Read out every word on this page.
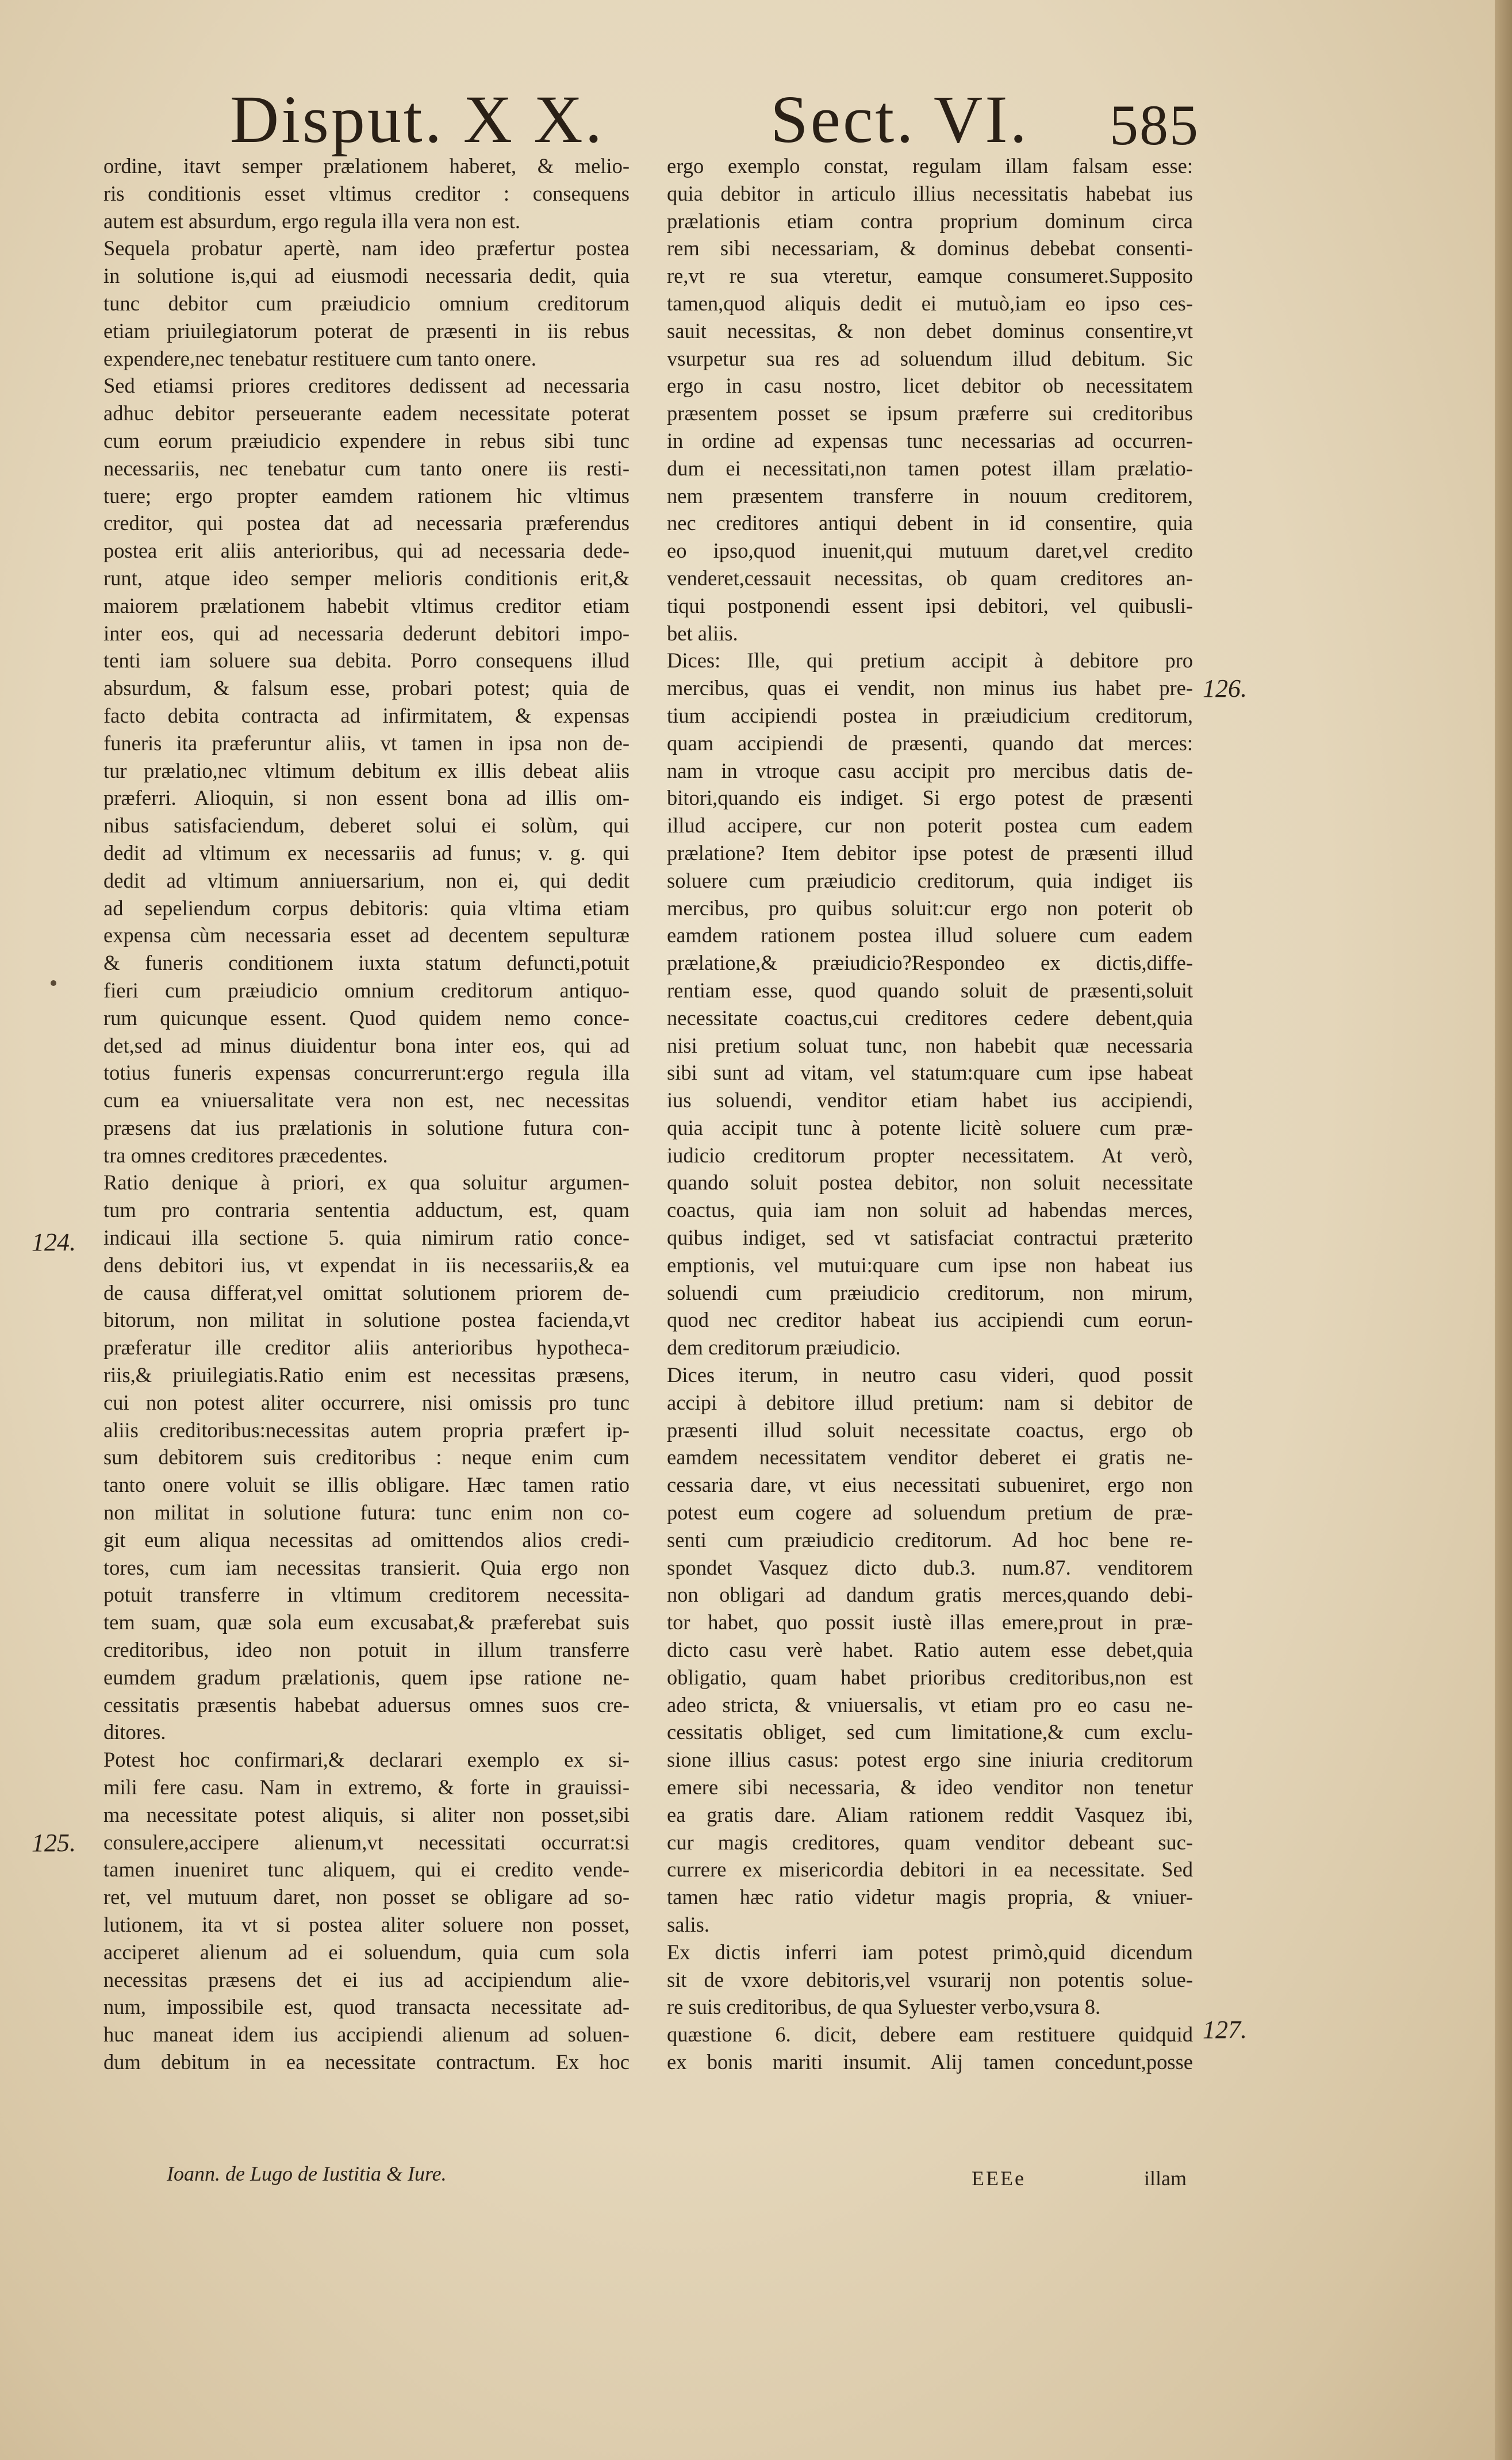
Disput. X X. Sect. VI. 585
ordine, itavt semper prælationem haberet, & melio-
ris conditionis esset vltimus creditor : consequens
autem est absurdum, ergo regula illa vera non est.
Sequela probatur apertè, nam ideo præfertur postea
in solutione is,qui ad eiusmodi necessaria dedit, quia
tunc debitor cum præiudicio omnium creditorum
etiam priuilegiatorum poterat de præsenti in iis rebus
expendere,nec tenebatur restituere cum tanto onere.
Sed etiamsi priores creditores dedissent ad necessaria
adhuc debitor perseuerante eadem necessitate poterat
cum eorum præiudicio expendere in rebus sibi tunc
necessariis, nec tenebatur cum tanto onere iis resti-
tuere; ergo propter eamdem rationem hic vltimus
creditor, qui postea dat ad necessaria præferendus
postea erit aliis anterioribus, qui ad necessaria dede-
runt, atque ideo semper melioris conditionis erit,&
maiorem prælationem habebit vltimus creditor etiam
inter eos, qui ad necessaria dederunt debitori impo-
tenti iam soluere sua debita. Porro consequens illud
absurdum, & falsum esse, probari potest; quia de
facto debita contracta ad infirmitatem, & expensas
funeris ita præferuntur aliis, vt tamen in ipsa non de-
tur prælatio,nec vltimum debitum ex illis debeat aliis
præferri. Alioquin, si non essent bona ad illis om-
nibus satisfaciendum, deberet solui ei solùm, qui
dedit ad vltimum ex necessariis ad funus; v. g. qui
dedit ad vltimum anniuersarium, non ei, qui dedit
ad sepeliendum corpus debitoris: quia vltima etiam
expensa cùm necessaria esset ad decentem sepulturæ
& funeris conditionem iuxta statum defuncti,potuit
fieri cum præiudicio omnium creditorum antiquo-
rum quicunque essent. Quod quidem nemo conce-
det,sed ad minus diuidentur bona inter eos, qui ad
totius funeris expensas concurrerunt:ergo regula illa
cum ea vniuersalitate vera non est, nec necessitas
præsens dat ius prælationis in solutione futura con-
tra omnes creditores præcedentes.
Ratio denique à priori, ex qua soluitur argumen-
tum pro contraria sententia adductum, est, quam
indicaui illa sectione 5. quia nimirum ratio conce-
dens debitori ius, vt expendat in iis necessariis,& ea
de causa differat,vel omittat solutionem priorem de-
bitorum, non militat in solutione postea facienda,vt
præferatur ille creditor aliis anterioribus hypotheca-
riis,& priuilegiatis.Ratio enim est necessitas præsens,
cui non potest aliter occurrere, nisi omissis pro tunc
aliis creditoribus:necessitas autem propria præfert ip-
sum debitorem suis creditoribus : neque enim cum
tanto onere voluit se illis obligare. Hæc tamen ratio
non militat in solutione futura: tunc enim non co-
git eum aliqua necessitas ad omittendos alios credi-
tores, cum iam necessitas transierit. Quia ergo non
potuit transferre in vltimum creditorem necessita-
tem suam, quæ sola eum excusabat,& præferebat suis
creditoribus, ideo non potuit in illum transferre
eumdem gradum prælationis, quem ipse ratione ne-
cessitatis præsentis habebat aduersus omnes suos cre-
ditores.
Potest hoc confirmari,& declarari exemplo ex si-
mili fere casu. Nam in extremo, & forte in grauissi-
ma necessitate potest aliquis, si aliter non posset,sibi
consulere,accipere alienum,vt necessitati occurrat:si
tamen inueniret tunc aliquem, qui ei credito vende-
ret, vel mutuum daret, non posset se obligare ad so-
lutionem, ita vt si postea aliter soluere non posset,
acciperet alienum ad ei soluendum, quia cum sola
necessitas præsens det ei ius ad accipiendum alie-
num, impossibile est, quod transacta necessitate ad-
huc maneat idem ius accipiendi alienum ad soluen-
dum debitum in ea necessitate contractum. Ex hoc
ergo exemplo constat, regulam illam falsam esse:
quia debitor in articulo illius necessitatis habebat ius
prælationis etiam contra proprium dominum circa
rem sibi necessariam, & dominus debebat consenti-
re,vt re sua vteretur, eamque consumeret.Supposito
tamen,quod aliquis dedit ei mutuò,iam eo ipso ces-
sauit necessitas, & non debet dominus consentire,vt
vsurpetur sua res ad soluendum illud debitum. Sic
ergo in casu nostro, licet debitor ob necessitatem
præsentem posset se ipsum præferre sui creditoribus
in ordine ad expensas tunc necessarias ad occurren-
dum ei necessitati,non tamen potest illam prælatio-
nem præsentem transferre in nouum creditorem,
nec creditores antiqui debent in id consentire, quia
eo ipso,quod inuenit,qui mutuum daret,vel credito
venderet,cessauit necessitas, ob quam creditores an-
tiqui postponendi essent ipsi debitori, vel quibusli-
bet aliis.
Dices: Ille, qui pretium accipit à debitore pro
mercibus, quas ei vendit, non minus ius habet pre-
tium accipiendi postea in præiudicium creditorum,
quam accipiendi de præsenti, quando dat merces:
nam in vtroque casu accipit pro mercibus datis de-
bitori,quando eis indiget. Si ergo potest de præsenti
illud accipere, cur non poterit postea cum eadem
prælatione? Item debitor ipse potest de præsenti illud
soluere cum præiudicio creditorum, quia indiget iis
mercibus, pro quibus soluit:cur ergo non poterit ob
eamdem rationem postea illud soluere cum eadem
prælatione,& præiudicio?Respondeo ex dictis,diffe-
rentiam esse, quod quando soluit de præsenti,soluit
necessitate coactus,cui creditores cedere debent,quia
nisi pretium soluat tunc, non habebit quæ necessaria
sibi sunt ad vitam, vel statum:quare cum ipse habeat
ius soluendi, venditor etiam habet ius accipiendi,
quia accipit tunc à potente licitè soluere cum præ-
iudicio creditorum propter necessitatem. At verò,
quando soluit postea debitor, non soluit necessitate
coactus, quia iam non soluit ad habendas merces,
quibus indiget, sed vt satisfaciat contractui præterito
emptionis, vel mutui:quare cum ipse non habeat ius
soluendi cum præiudicio creditorum, non mirum,
quod nec creditor habeat ius accipiendi cum eorun-
dem creditorum præiudicio.
Dices iterum, in neutro casu videri, quod possit
accipi à debitore illud pretium: nam si debitor de
præsenti illud soluit necessitate coactus, ergo ob
eamdem necessitatem venditor deberet ei gratis ne-
cessaria dare, vt eius necessitati subueniret, ergo non
potest eum cogere ad soluendum pretium de præ-
senti cum præiudicio creditorum. Ad hoc bene re-
spondet Vasquez dicto dub.3. num.87. venditorem
non obligari ad dandum gratis merces,quando debi-
tor habet, quo possit iustè illas emere,prout in præ-
dicto casu verè habet. Ratio autem esse debet,quia
obligatio, quam habet prioribus creditoribus,non est
adeo stricta, & vniuersalis, vt etiam pro eo casu ne-
cessitatis obliget, sed cum limitatione,& cum exclu-
sione illius casus: potest ergo sine iniuria creditorum
emere sibi necessaria, & ideo venditor non tenetur
ea gratis dare. Aliam rationem reddit Vasquez ibi,
cur magis creditores, quam venditor debeant suc-
currere ex misericordia debitori in ea necessitate. Sed
tamen hæc ratio videtur magis propria, & vniuer-
salis.
Ex dictis inferri iam potest primò,quid dicendum
sit de vxore debitoris,vel vsurarij non potentis solue-
re suis creditoribus, de qua Syluester verbo,vsura 8.
quæstione 6. dicit, debere eam restituere quidquid
ex bonis mariti insumit. Alij tamen concedunt,posse
124.
125.
126.
127.
Ioann. de Lugo de Iustitia & Iure.	EEEe	illam
